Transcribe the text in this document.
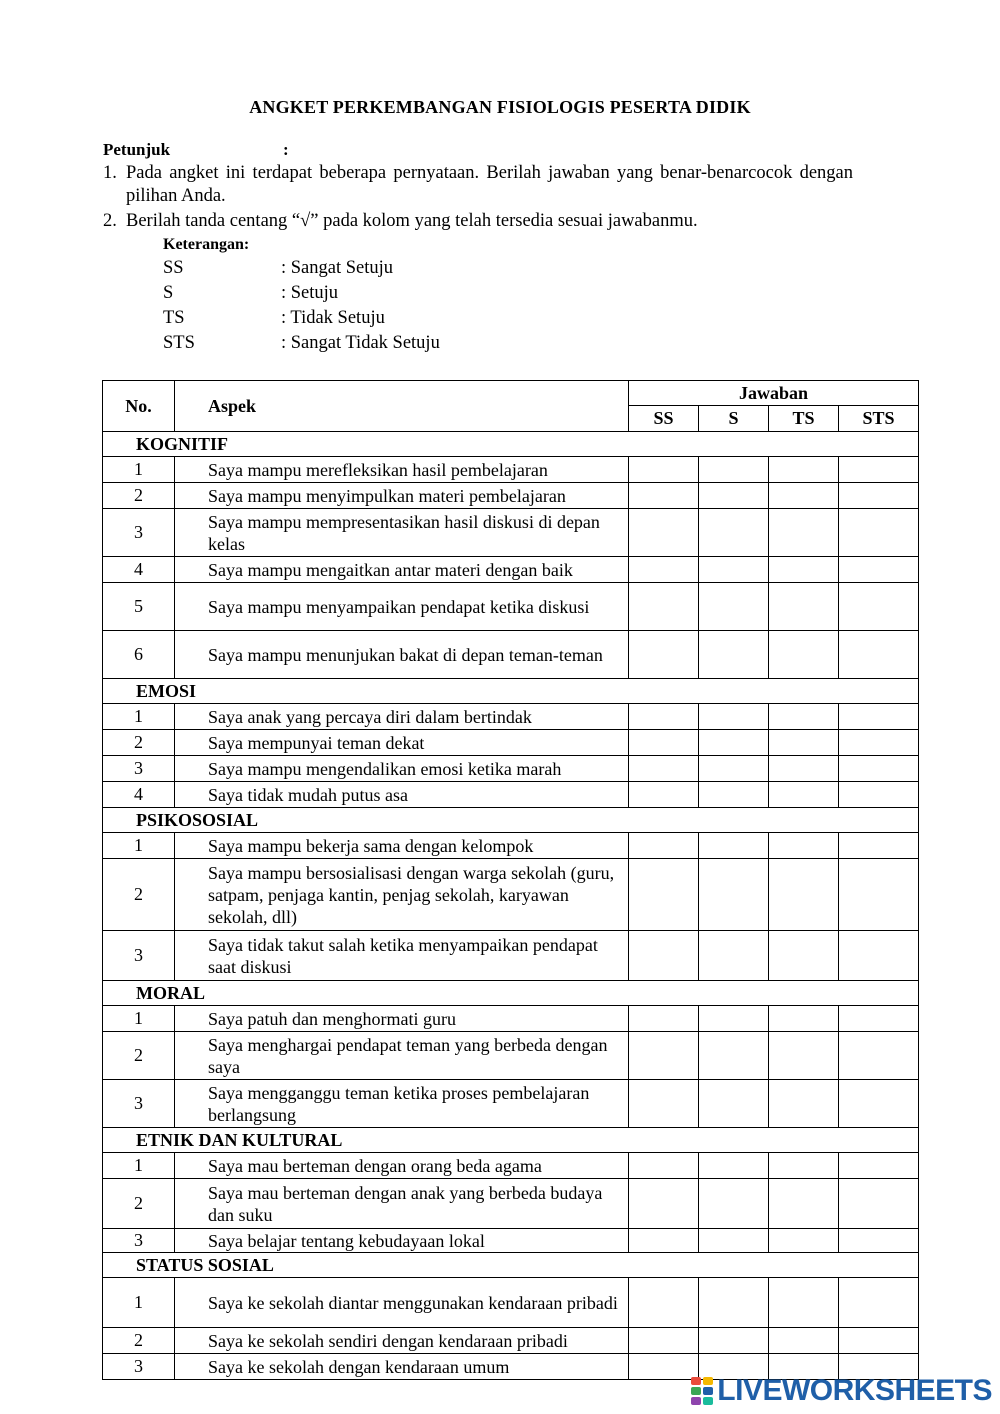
ANGKET PERKEMBANGAN FISIOLOGIS PESERTA DIDIK
Petunjuk	:
1. Pada angket ini terdapat beberapa pernyataan. Berilah jawaban yang benar-benarcocok dengan pilihan Anda.
2. Berilah tanda centang “√” pada kolom yang telah tersedia sesuai jawabanmu.
Keterangan:
SS	: Sangat Setuju
S	: Setuju
TS	: Tidak Setuju
STS	: Sangat Tidak Setuju
No.	Aspek	Jawaban			
		SS	S	TS	STS
KOGNITIF					
1	Saya mampu merefleksikan hasil pembelajaran				
2	Saya mampu menyimpulkan materi pembelajaran				
3	Saya mampu mempresentasikan hasil diskusi di depan kelas				
4	Saya mampu mengaitkan antar materi dengan baik				
5	Saya mampu menyampaikan pendapat ketika diskusi				
6	Saya mampu menunjukan bakat di depan teman-teman				
EMOSI					
1	Saya anak yang percaya diri dalam bertindak				
2	Saya mempunyai teman dekat				
3	Saya mampu mengendalikan emosi ketika marah				
4	Saya tidak mudah putus asa				
PSIKOSOSIAL					
1	Saya mampu bekerja sama dengan kelompok				
2	Saya mampu bersosialisasi dengan warga sekolah (guru, satpam, penjaga kantin, penjag sekolah, karyawan sekolah, dll)				
3	Saya tidak takut salah ketika menyampaikan pendapat saat diskusi				
MORAL					
1	Saya patuh dan menghormati guru				
2	Saya menghargai pendapat teman yang berbeda dengan saya				
3	Saya mengganggu teman ketika proses pembelajaran berlangsung				
ETNIK DAN KULTURAL					
1	Saya mau berteman dengan orang beda agama				
2	Saya mau berteman dengan anak yang berbeda budaya dan suku				
3	Saya belajar tentang kebudayaan lokal				
STATUS SOSIAL					
1	Saya ke sekolah diantar menggunakan kendaraan pribadi				
2	Saya ke sekolah sendiri dengan kendaraan pribadi				
3	Saya ke sekolah dengan kendaraan umum				
LIVEWORKSHEETS
